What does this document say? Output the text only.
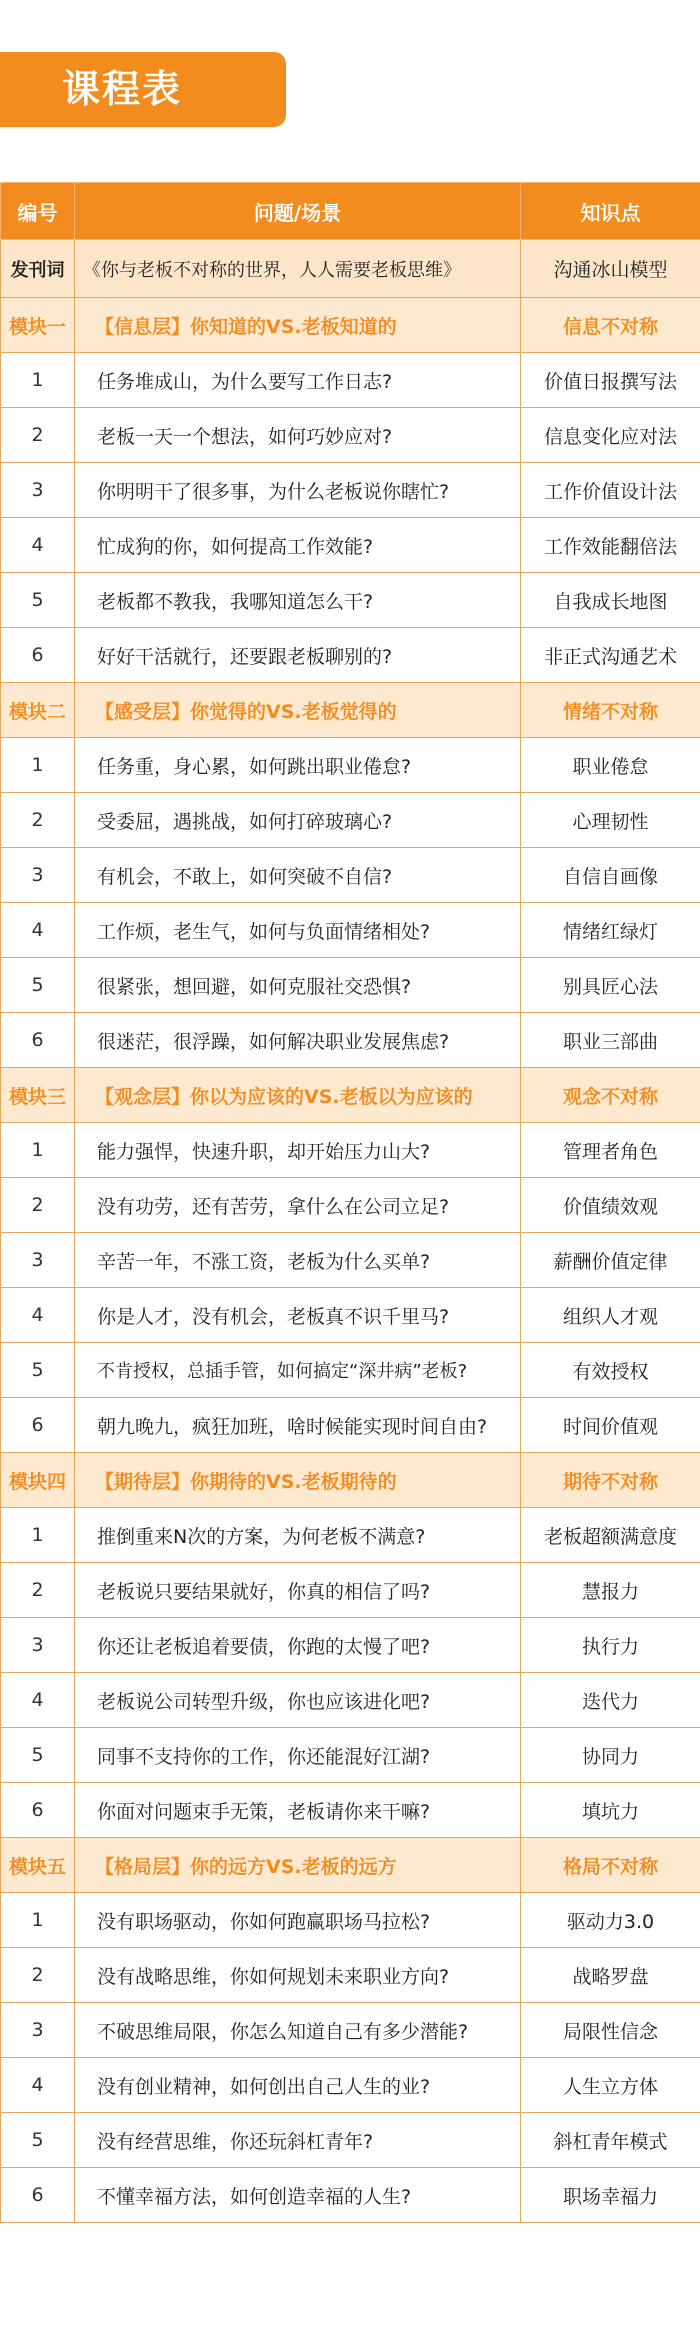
课程表
编号	问题/场景	知识点
发刊词	《你与老板不对称的世界，人人需要老板思维》	沟通冰山模型
模块一	【信息层】你知道的VS.老板知道的	信息不对称
1	任务堆成山，为什么要写工作日志?	价值日报撰写法
2	老板一天一个想法，如何巧妙应对?	信息变化应对法
3	你明明干了很多事，为什么老板说你瞎忙?	工作价值设计法
4	忙成狗的你，如何提高工作效能?	工作效能翻倍法
5	老板都不教我，我哪知道怎么干?	自我成长地图
6	好好干活就行，还要跟老板聊别的?	非正式沟通艺术
模块二	【感受层】你觉得的VS.老板觉得的	情绪不对称
1	任务重，身心累，如何跳出职业倦怠?	职业倦怠
2	受委屈，遇挑战，如何打碎玻璃心?	心理韧性
3	有机会，不敢上，如何突破不自信?	自信自画像
4	工作烦，老生气，如何与负面情绪相处?	情绪红绿灯
5	很紧张，想回避，如何克服社交恐惧?	别具匠心法
6	很迷茫，很浮躁，如何解决职业发展焦虑?	职业三部曲
模块三	【观念层】你以为应该的VS.老板以为应该的	观念不对称
1	能力强悍，快速升职，却开始压力山大?	管理者角色
2	没有功劳，还有苦劳，拿什么在公司立足?	价值绩效观
3	辛苦一年，不涨工资，老板为什么买单?	薪酬价值定律
4	你是人才，没有机会，老板真不识千里马?	组织人才观
5	不肯授权，总插手管，如何搞定“深井病”老板?	有效授权
6	朝九晚九，疯狂加班，啥时候能实现时间自由?	时间价值观
模块四	【期待层】你期待的VS.老板期待的	期待不对称
1	推倒重来N次的方案，为何老板不满意?	老板超额满意度
2	老板说只要结果就好，你真的相信了吗?	慧报力
3	你还让老板追着要债，你跑的太慢了吧?	执行力
4	老板说公司转型升级，你也应该进化吧?	迭代力
5	同事不支持你的工作，你还能混好江湖?	协同力
6	你面对问题束手无策，老板请你来干嘛?	填坑力
模块五	【格局层】你的远方VS.老板的远方	格局不对称
1	没有职场驱动，你如何跑赢职场马拉松?	驱动力3.0
2	没有战略思维，你如何规划未来职业方向?	战略罗盘
3	不破思维局限，你怎么知道自己有多少潜能?	局限性信念
4	没有创业精神，如何创出自己人生的业?	人生立方体
5	没有经营思维，你还玩斜杠青年?	斜杠青年模式
6	不懂幸福方法，如何创造幸福的人生?	职场幸福力
